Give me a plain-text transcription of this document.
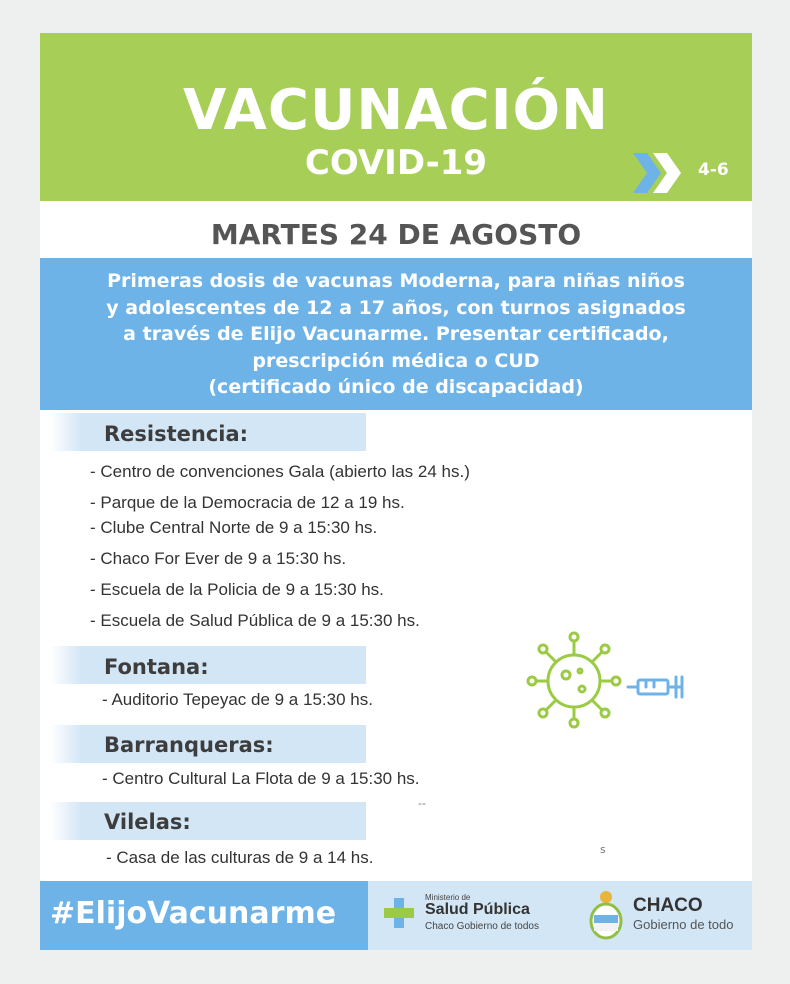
VACUNACIÓN
COVID-19	4-6
MARTES 24 DE AGOSTO
Primeras dosis de vacunas Moderna, para niñas niños
y adolescentes de 12 a 17 años, con turnos asignados
a través de Elijo Vacunarme. Presentar certificado,
prescripción médica o CUD
(certificado único de discapacidad)
Resistencia:
- Centro de convenciones Gala (abierto las 24 hs.)
- Parque de la Democracia de 12 a 19 hs.
- Clube Central Norte de 9 a 15:30 hs.
- Chaco For Ever de 9 a 15:30 hs.
- Escuela de la Policia de 9 a 15:30 hs.
- Escuela de Salud Pública de 9 a 15:30 hs.
Fontana:
- Auditorio Tepeyac de 9 a 15:30 hs.
Barranqueras:
- Centro Cultural La Flota de 9 a 15:30 hs.
Vilelas:
- Casa de las culturas de 9 a 14 hs.
--
s
#ElijoVacunarme	Ministerio de
Salud Pública
Chaco Gobierno de todos
CHACO
Gobierno de todo
